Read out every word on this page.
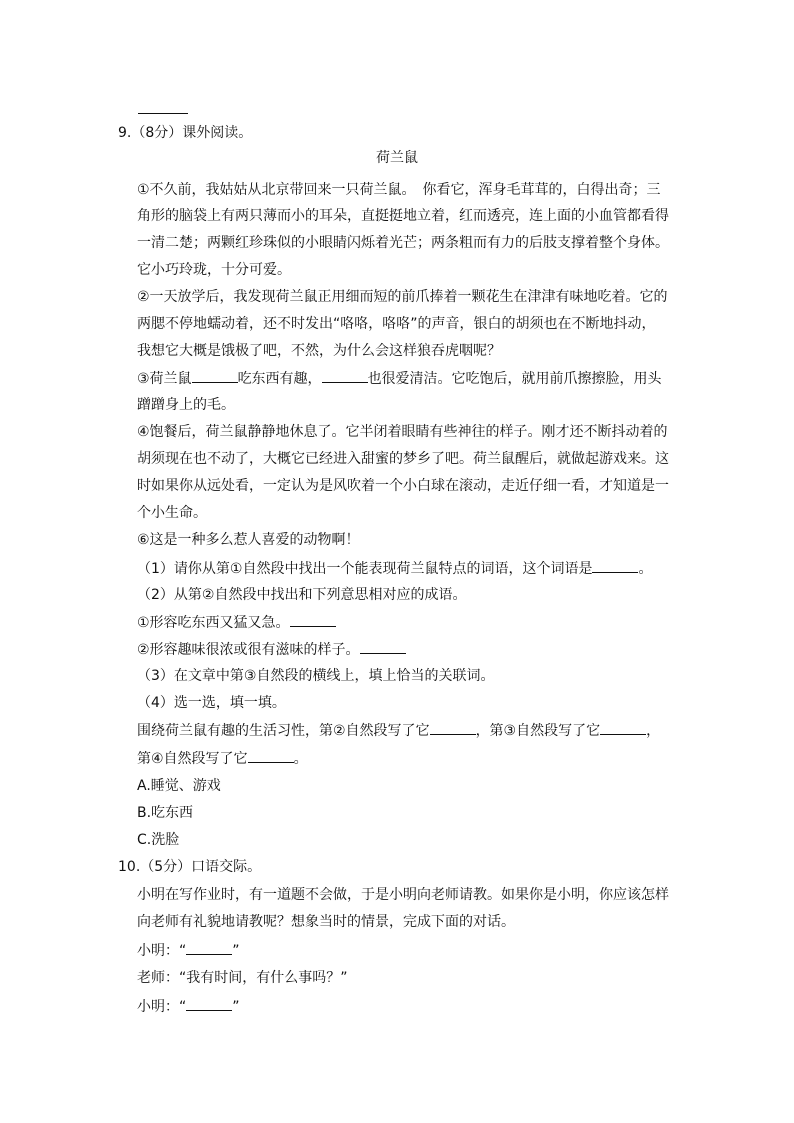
9.（8分）课外阅读。
荷兰鼠
①不久前，我姑姑从北京带回来一只荷兰鼠。　你看它，浑身毛茸茸的，白得出奇；三
角形的脑袋上有两只薄而小的耳朵，直挺挺地立着，红而透亮，连上面的小血管都看得
一清二楚；两颗红珍珠似的小眼睛闪烁着光芒；两条粗而有力的后肢支撑着整个身体。
它小巧玲珑，十分可爱。
②一天放学后，我发现荷兰鼠正用细而短的前爪捧着一颗花生在津津有味地吃着。它的
两腮不停地蠕动着，还不时发出“咯咯，咯咯”的声音，银白的胡须也在不断地抖动，
我想它大概是饿极了吧，不然，为什么会这样狼吞虎咽呢？
③荷兰鼠	吃东西有趣，	也很爱清洁。它吃饱后，就用前爪擦擦脸，用头
蹭蹭身上的毛。
④饱餐后，荷兰鼠静静地休息了。它半闭着眼睛有些神往的样子。刚才还不断抖动着的
胡须现在也不动了，大概它已经进入甜蜜的梦乡了吧。荷兰鼠醒后，就做起游戏来。这
时如果你从远处看，一定认为是风吹着一个小白球在滚动，走近仔细一看，才知道是一
个小生命。
⑥这是一种多么惹人喜爱的动物啊！
（1）请你从第①自然段中找出一个能表现荷兰鼠特点的词语，这个词语是	。
（2）从第②自然段中找出和下列意思相对应的成语。
①形容吃东西又猛又急。
②形容趣味很浓或很有滋味的样子。
（3）在文章中第③自然段的横线上，填上恰当的关联词。
（4）选一选，填一填。
围绕荷兰鼠有趣的生活习性，第②自然段写了它	，第③自然段写了它	，
第④自然段写了它	。
A.睡觉、游戏
B.吃东西
C.洗脸
10.（5分）口语交际。
小明在写作业时，有一道题不会做，于是小明向老师请教。如果你是小明，你应该怎样
向老师有礼貌地请教呢？想象当时的情景，完成下面的对话。
小明：“	”
老师：“我有时间，有什么事吗？”
小明：“	”
